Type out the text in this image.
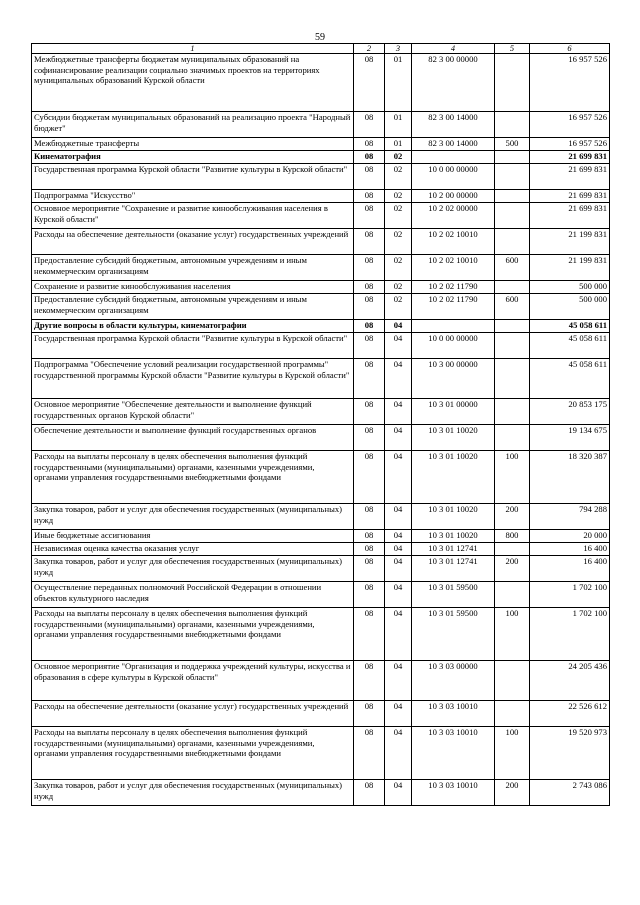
59
1	2	3	4	5	6
Межбюджетные трансферты бюджетам муниципальных образований на софинансирование реализации социально значимых проектов на территориях муниципальных образований Курской области	08	01	82 3 00 00000		16 957 526
Субсидии бюджетам муниципальных образований на реализацию проекта "Народный бюджет"	08	01	82 3 00 14000		16 957 526
Межбюджетные трансферты	08	01	82 3 00 14000	500	16 957 526
Кинематография	08	02			21 699 831
Государственная программа Курской области "Развитие культуры в Курской области"	08	02	10 0 00 00000		21 699 831
Подпрограмма "Искусство"	08	02	10 2 00 00000		21 699 831
Основное мероприятие "Сохранение и развитие кинообслуживания населения в Курской области"	08	02	10 2 02 00000		21 699 831
Расходы на обеспечение деятельности (оказание услуг) государственных учреждений	08	02	10 2 02 10010		21 199 831
Предоставление субсидий бюджетным, автономным учреждениям и иным некоммерческим организациям	08	02	10 2 02 10010	600	21 199 831
Сохранение и развитие кинообслуживания населения	08	02	10 2 02 11790		500 000
Предоставление субсидий бюджетным, автономным учреждениям и иным некоммерческим организациям	08	02	10 2 02 11790	600	500 000
Другие вопросы в области культуры, кинематографии	08	04			45 058 611
Государственная программа Курской области "Развитие культуры в Курской области"	08	04	10 0 00 00000		45 058 611
Подпрограмма "Обеспечение условий реализации государственной программы" государственной программы Курской области "Развитие культуры в Курской области"	08	04	10 3 00 00000		45 058 611
Основное мероприятие "Обеспечение деятельности и выполнение функций государственных органов Курской области"	08	04	10 3 01 00000		20 853 175
Обеспечение деятельности и выполнение функций государственных органов	08	04	10 3 01 10020		19 134 675
Расходы на выплаты персоналу в целях обеспечения выполнения функций государственными (муниципальными) органами, казенными учреждениями, органами управления государственными внебюджетными фондами	08	04	10 3 01 10020	100	18 320 387
Закупка товаров, работ и услуг для обеспечения государственных (муниципальных) нужд	08	04	10 3 01 10020	200	794 288
Иные бюджетные ассигнования	08	04	10 3 01 10020	800	20 000
Независимая оценка качества оказания услуг	08	04	10 3 01 12741		16 400
Закупка товаров, работ и услуг для обеспечения государственных (муниципальных) нужд	08	04	10 3 01 12741	200	16 400
Осуществление переданных полномочий Российской Федерации в отношении объектов культурного наследия	08	04	10 3 01 59500		1 702 100
Расходы на выплаты персоналу в целях обеспечения выполнения функций государственными (муниципальными) органами, казенными учреждениями, органами управления государственными внебюджетными фондами	08	04	10 3 01 59500	100	1 702 100
Основное мероприятие "Организация и поддержка учреждений культуры, искусства и образования в сфере культуры в Курской области"	08	04	10 3 03 00000		24 205 436
Расходы на обеспечение деятельности (оказание услуг) государственных учреждений	08	04	10 3 03 10010		22 526 612
Расходы на выплаты персоналу в целях обеспечения выполнения функций государственными (муниципальными) органами, казенными учреждениями, органами управления государственными внебюджетными фондами	08	04	10 3 03 10010	100	19 520 973
Закупка товаров, работ и услуг для обеспечения государственных (муниципальных) нужд	08	04	10 3 03 10010	200	2 743 086
